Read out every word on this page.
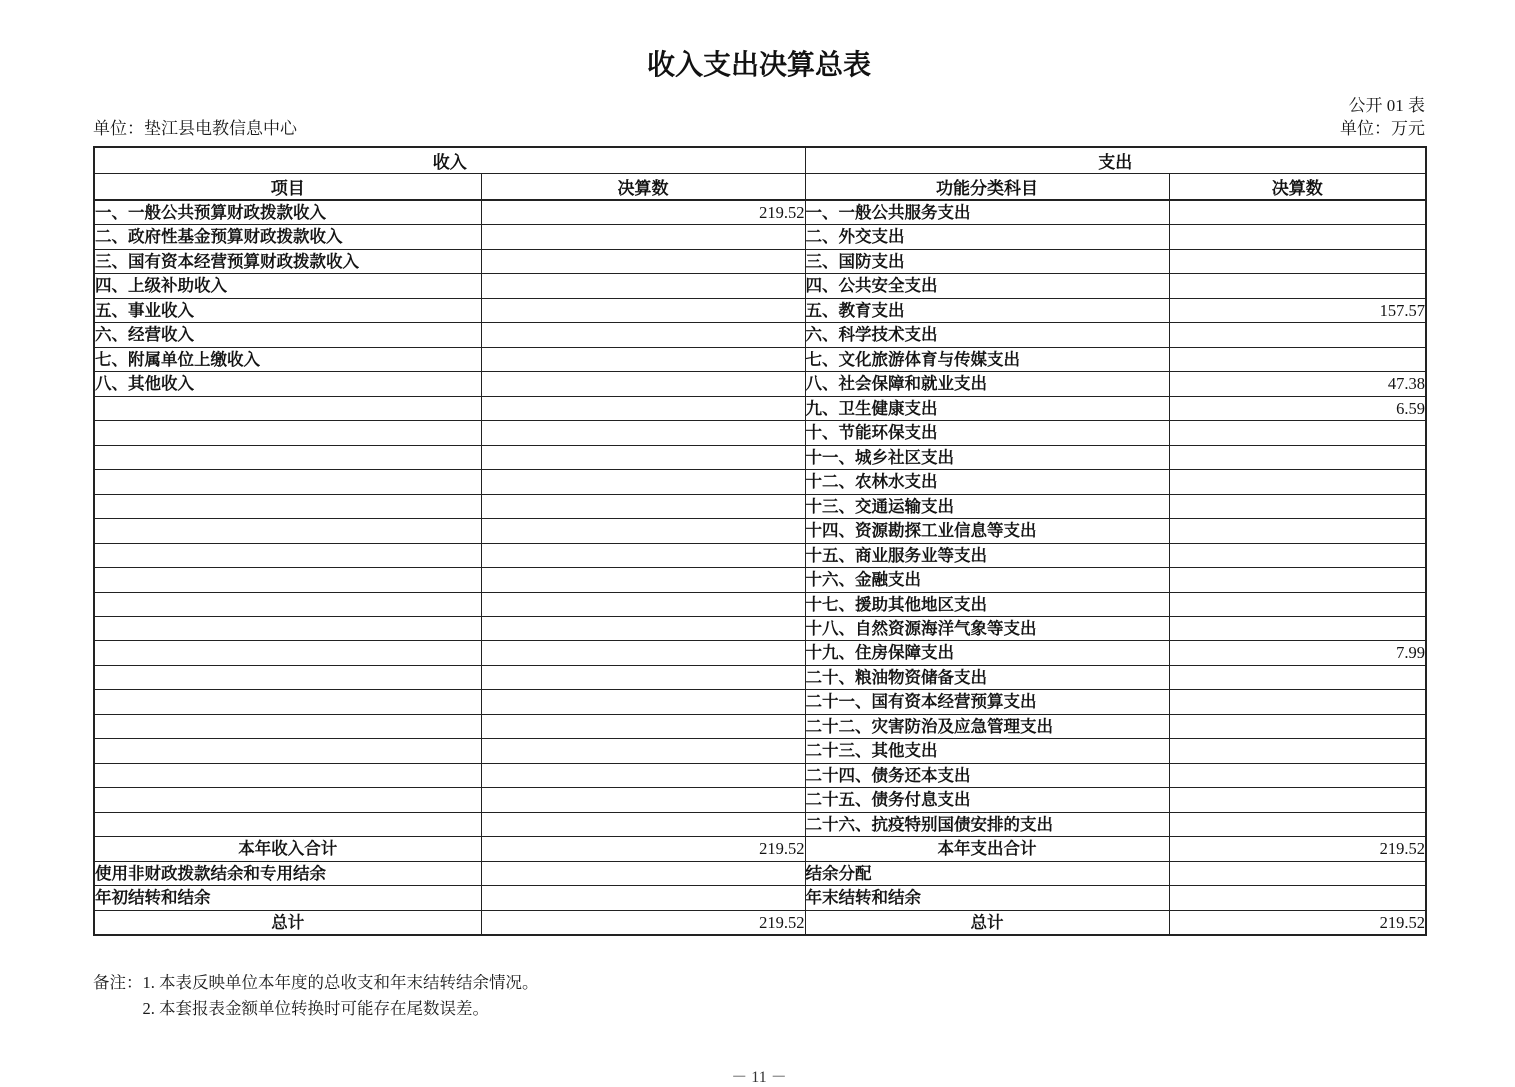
收入支出决算总表
公开 01 表
单位：垫江县电教信息中心	单位：万元
收入		支出	
项目	决算数	功能分类科目	决算数
一、一般公共预算财政拨款收入	219.52	一、一般公共服务支出	
二、政府性基金预算财政拨款收入		二、外交支出	
三、国有资本经营预算财政拨款收入		三、国防支出	
四、上级补助收入		四、公共安全支出	
五、事业收入		五、教育支出	157.57
六、经营收入		六、科学技术支出	
七、附属单位上缴收入		七、文化旅游体育与传媒支出	
八、其他收入		八、社会保障和就业支出	47.38
		九、卫生健康支出	6.59
		十、节能环保支出	
		十一、城乡社区支出	
		十二、农林水支出	
		十三、交通运输支出	
		十四、资源勘探工业信息等支出	
		十五、商业服务业等支出	
		十六、金融支出	
		十七、援助其他地区支出	
		十八、自然资源海洋气象等支出	
		十九、住房保障支出	7.99
		二十、粮油物资储备支出	
		二十一、国有资本经营预算支出	
		二十二、灾害防治及应急管理支出	
		二十三、其他支出	
		二十四、债务还本支出	
		二十五、债务付息支出	
		二十六、抗疫特别国债安排的支出	
本年收入合计	219.52	本年支出合计	219.52
使用非财政拨款结余和专用结余		结余分配	
年初结转和结余		年末结转和结余	
总计	219.52	总计	219.52
备注： 1. 本表反映单位本年度的总收支和年末结转结余情况。
2. 本套报表金额单位转换时可能存在尾数误差。
－ 11 －
